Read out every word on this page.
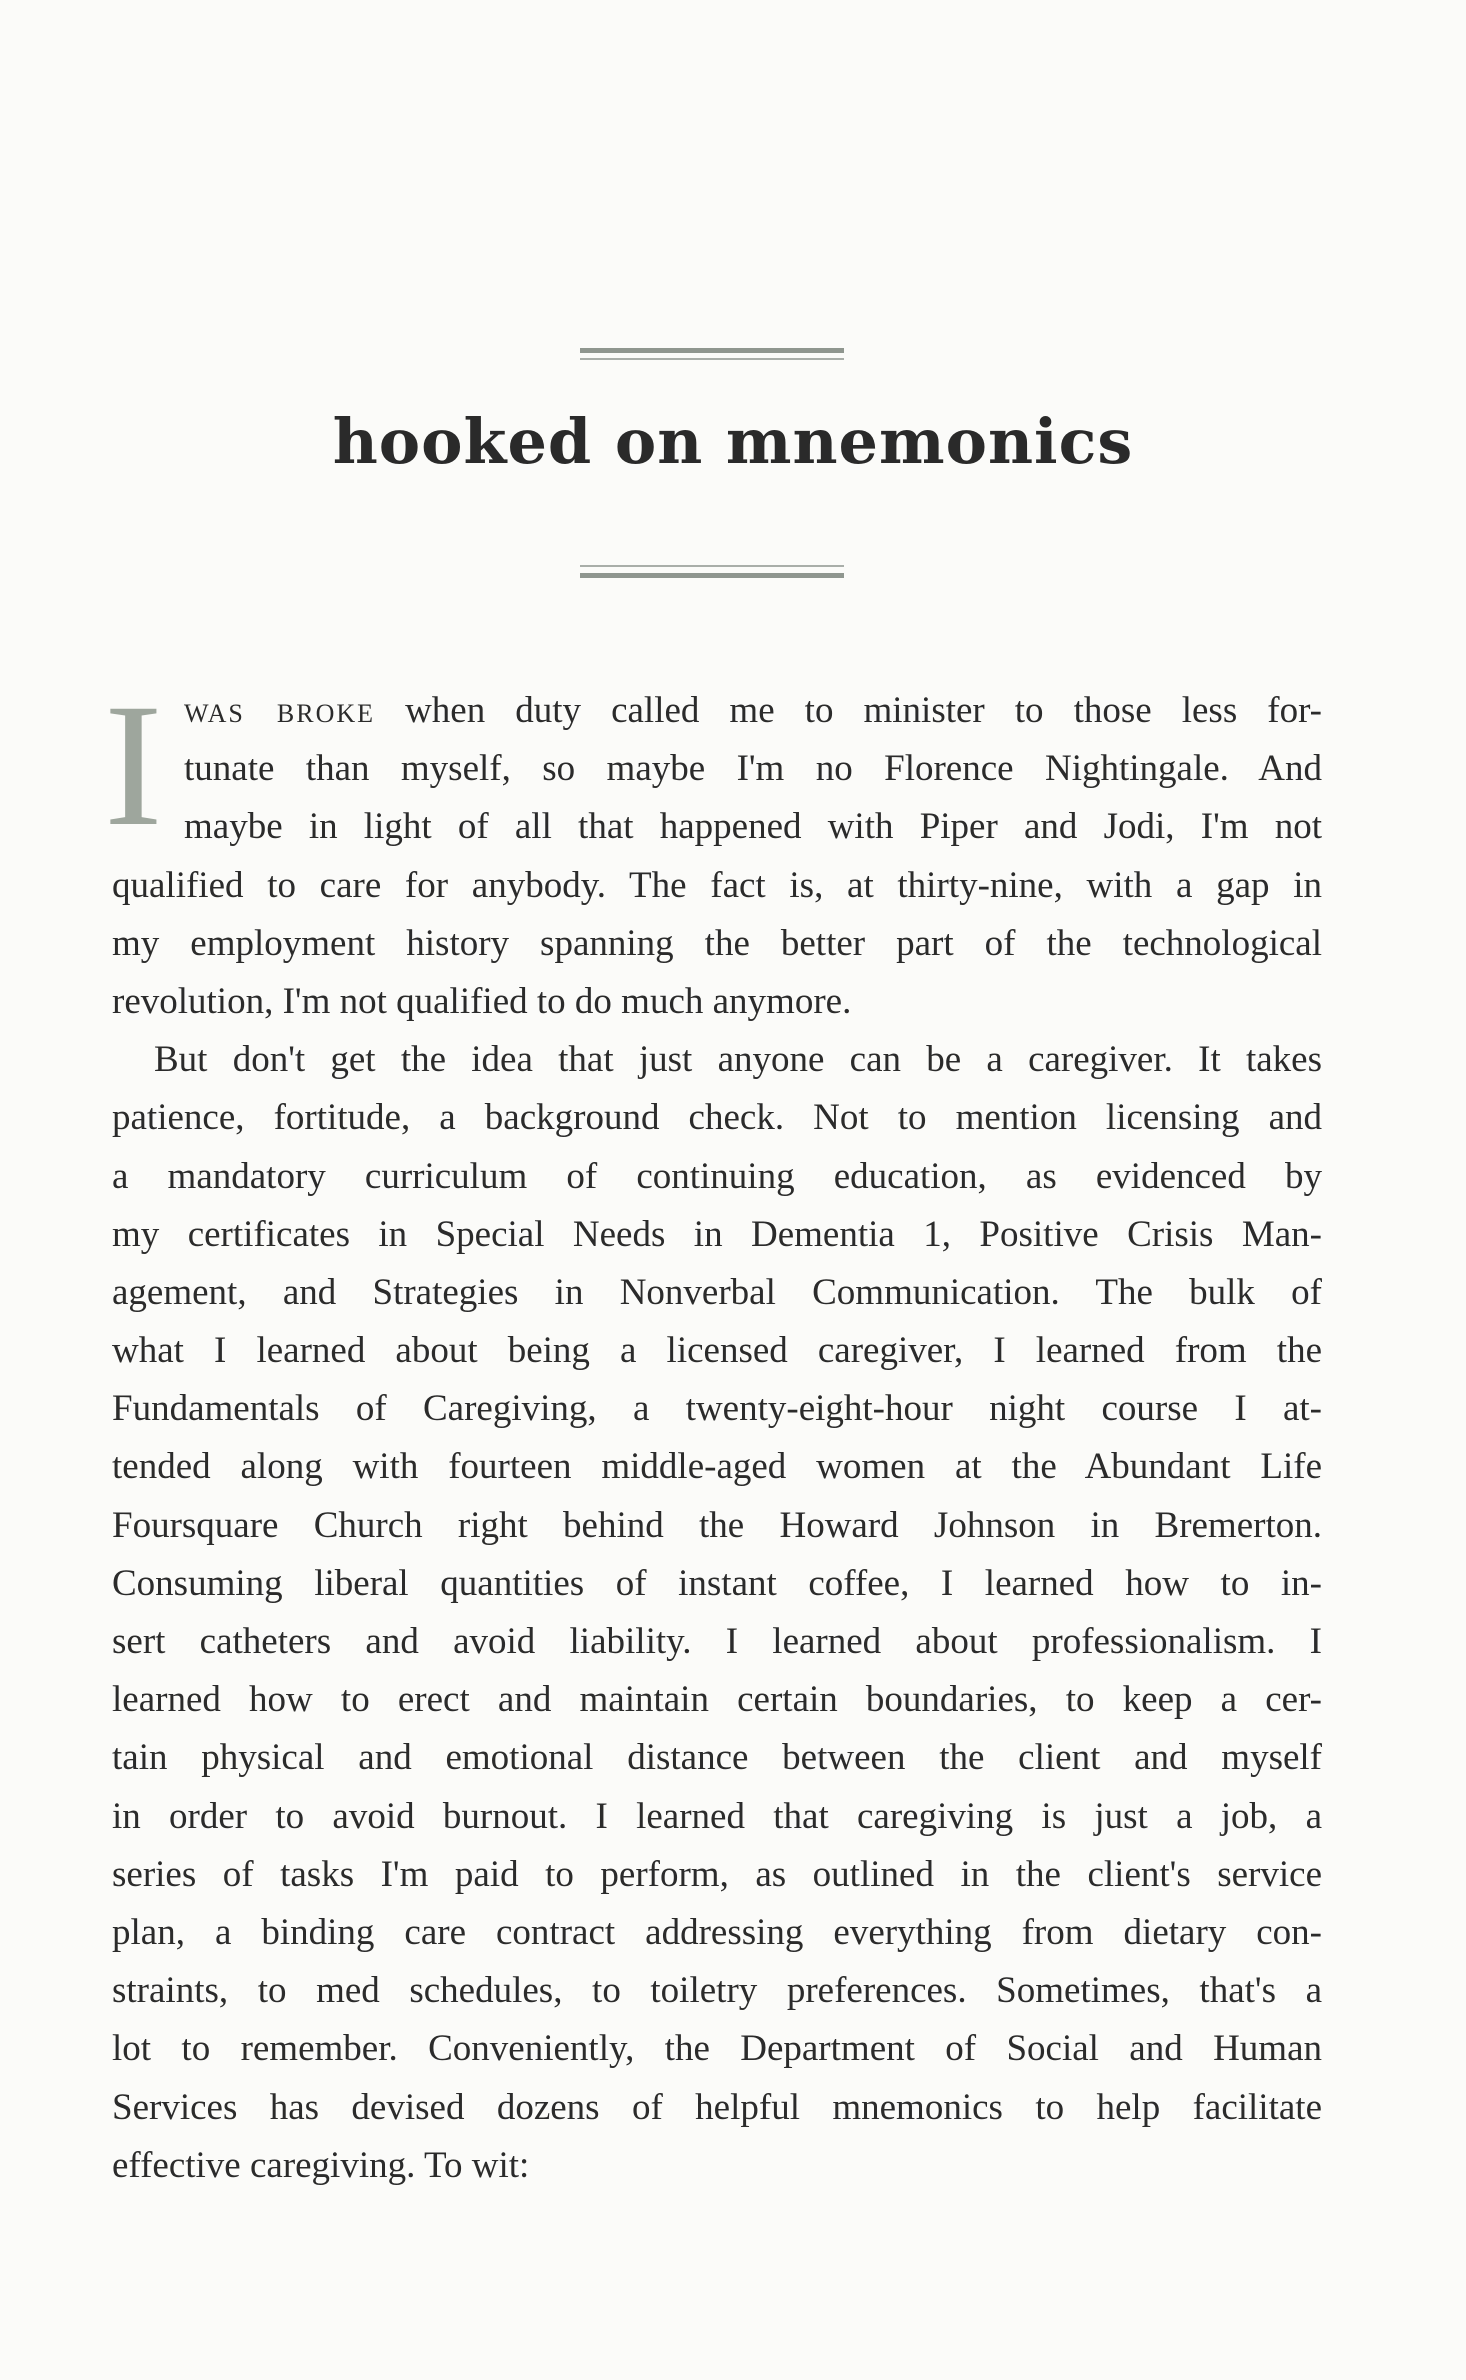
hooked on mnemonics
I was broke when duty called me to minister to those less for-
tunate than myself, so maybe I'm no Florence Nightingale. And
maybe in light of all that happened with Piper and Jodi, I'm not
qualified to care for anybody. The fact is, at thirty-nine, with a gap in
my employment history spanning the better part of the technological
revolution, I'm not qualified to do much anymore.
But don't get the idea that just anyone can be a caregiver. It takes
patience, fortitude, a background check. Not to mention licensing and
a mandatory curriculum of continuing education, as evidenced by
my certificates in Special Needs in Dementia 1, Positive Crisis Man-
agement, and Strategies in Nonverbal Communication. The bulk of
what I learned about being a licensed caregiver, I learned from the
Fundamentals of Caregiving, a twenty-eight-hour night course I at-
tended along with fourteen middle-aged women at the Abundant Life
Foursquare Church right behind the Howard Johnson in Bremerton.
Consuming liberal quantities of instant coffee, I learned how to in-
sert catheters and avoid liability. I learned about professionalism. I
learned how to erect and maintain certain boundaries, to keep a cer-
tain physical and emotional distance between the client and myself
in order to avoid burnout. I learned that caregiving is just a job, a
series of tasks I'm paid to perform, as outlined in the client's service
plan, a binding care contract addressing everything from dietary con-
straints, to med schedules, to toiletry preferences. Sometimes, that's a
lot to remember. Conveniently, the Department of Social and Human
Services has devised dozens of helpful mnemonics to help facilitate
effective caregiving. To wit:
